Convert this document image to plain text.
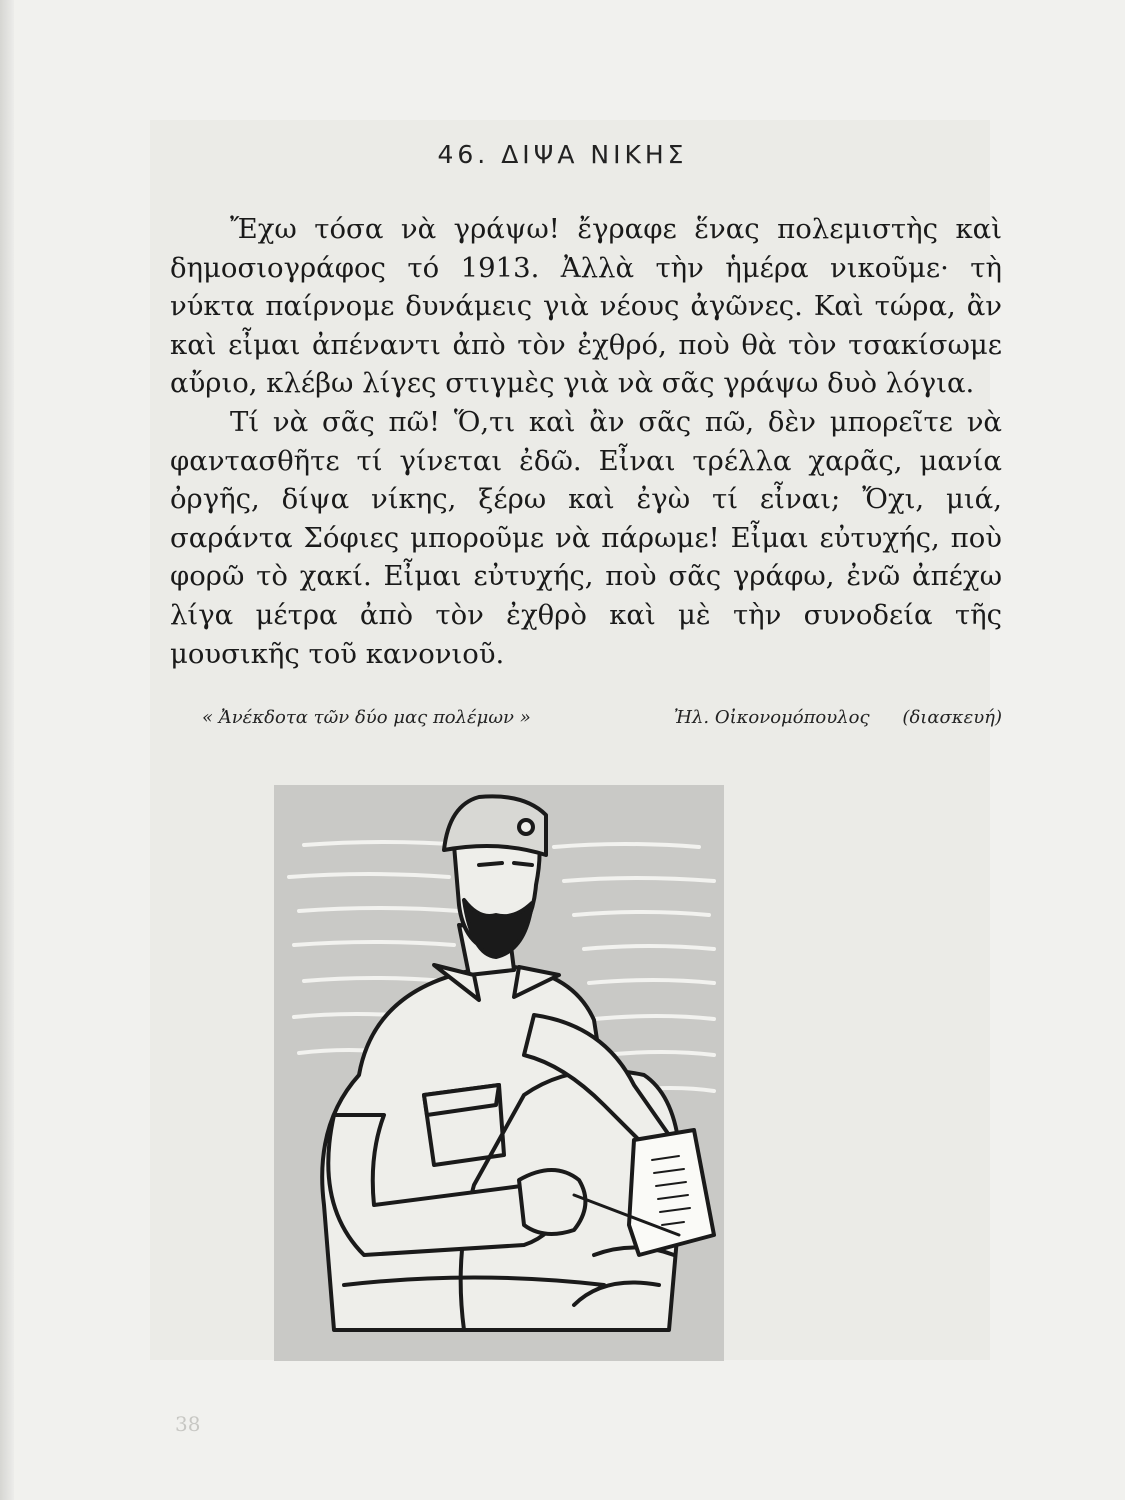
46. ΔΙΨΑ ΝΙΚΗΣ

Ἔχω τόσα νὰ γράψω! ἔγραφε ἕνας πολεμιστὴς καὶ δημοσιογράφος τό 1913. Ἀλλὰ τὴν ἡμέρα νικοῦμε· τὴ νύκτα παίρνομε δυνάμεις γιὰ νέους ἀγῶνες. Καὶ τώρα, ἂν καὶ εἶμαι ἀπέναντι ἀπὸ τὸν ἐχθρό, ποὺ θὰ τὸν τσακίσωμε αὔριο, κλέβω λίγες στιγμὲς γιὰ νὰ σᾶς γράψω δυὸ λόγια.

Τί νὰ σᾶς πῶ! Ὅ,τι καὶ ἂν σᾶς πῶ, δὲν μπορεῖτε νὰ φαντασθῆτε τί γίνεται ἐδῶ. Εἶναι τρέλλα χαρᾶς, μανία ὀργῆς, δίψα νίκης, ξέρω καὶ ἐγὼ τί εἶναι; Ὄχι, μιά, σαράντα Σόφιες μποροῦμε νὰ πάρωμε! Εἶμαι εὐτυχής, ποὺ φορῶ τὸ χακί. Εἶμαι εὐτυχής, ποὺ σᾶς γράφω, ἐνῶ ἀπέχω λίγα μέτρα ἀπὸ τὸν ἐχθρὸ καὶ μὲ τὴν συνοδεία τῆς μουσικῆς τοῦ κανονιοῦ.

« Ἀνέκδοτα τῶν δύο μας πολέμων »	Ἠλ. Οἰκονομόπουλος (διασκευή)
38
